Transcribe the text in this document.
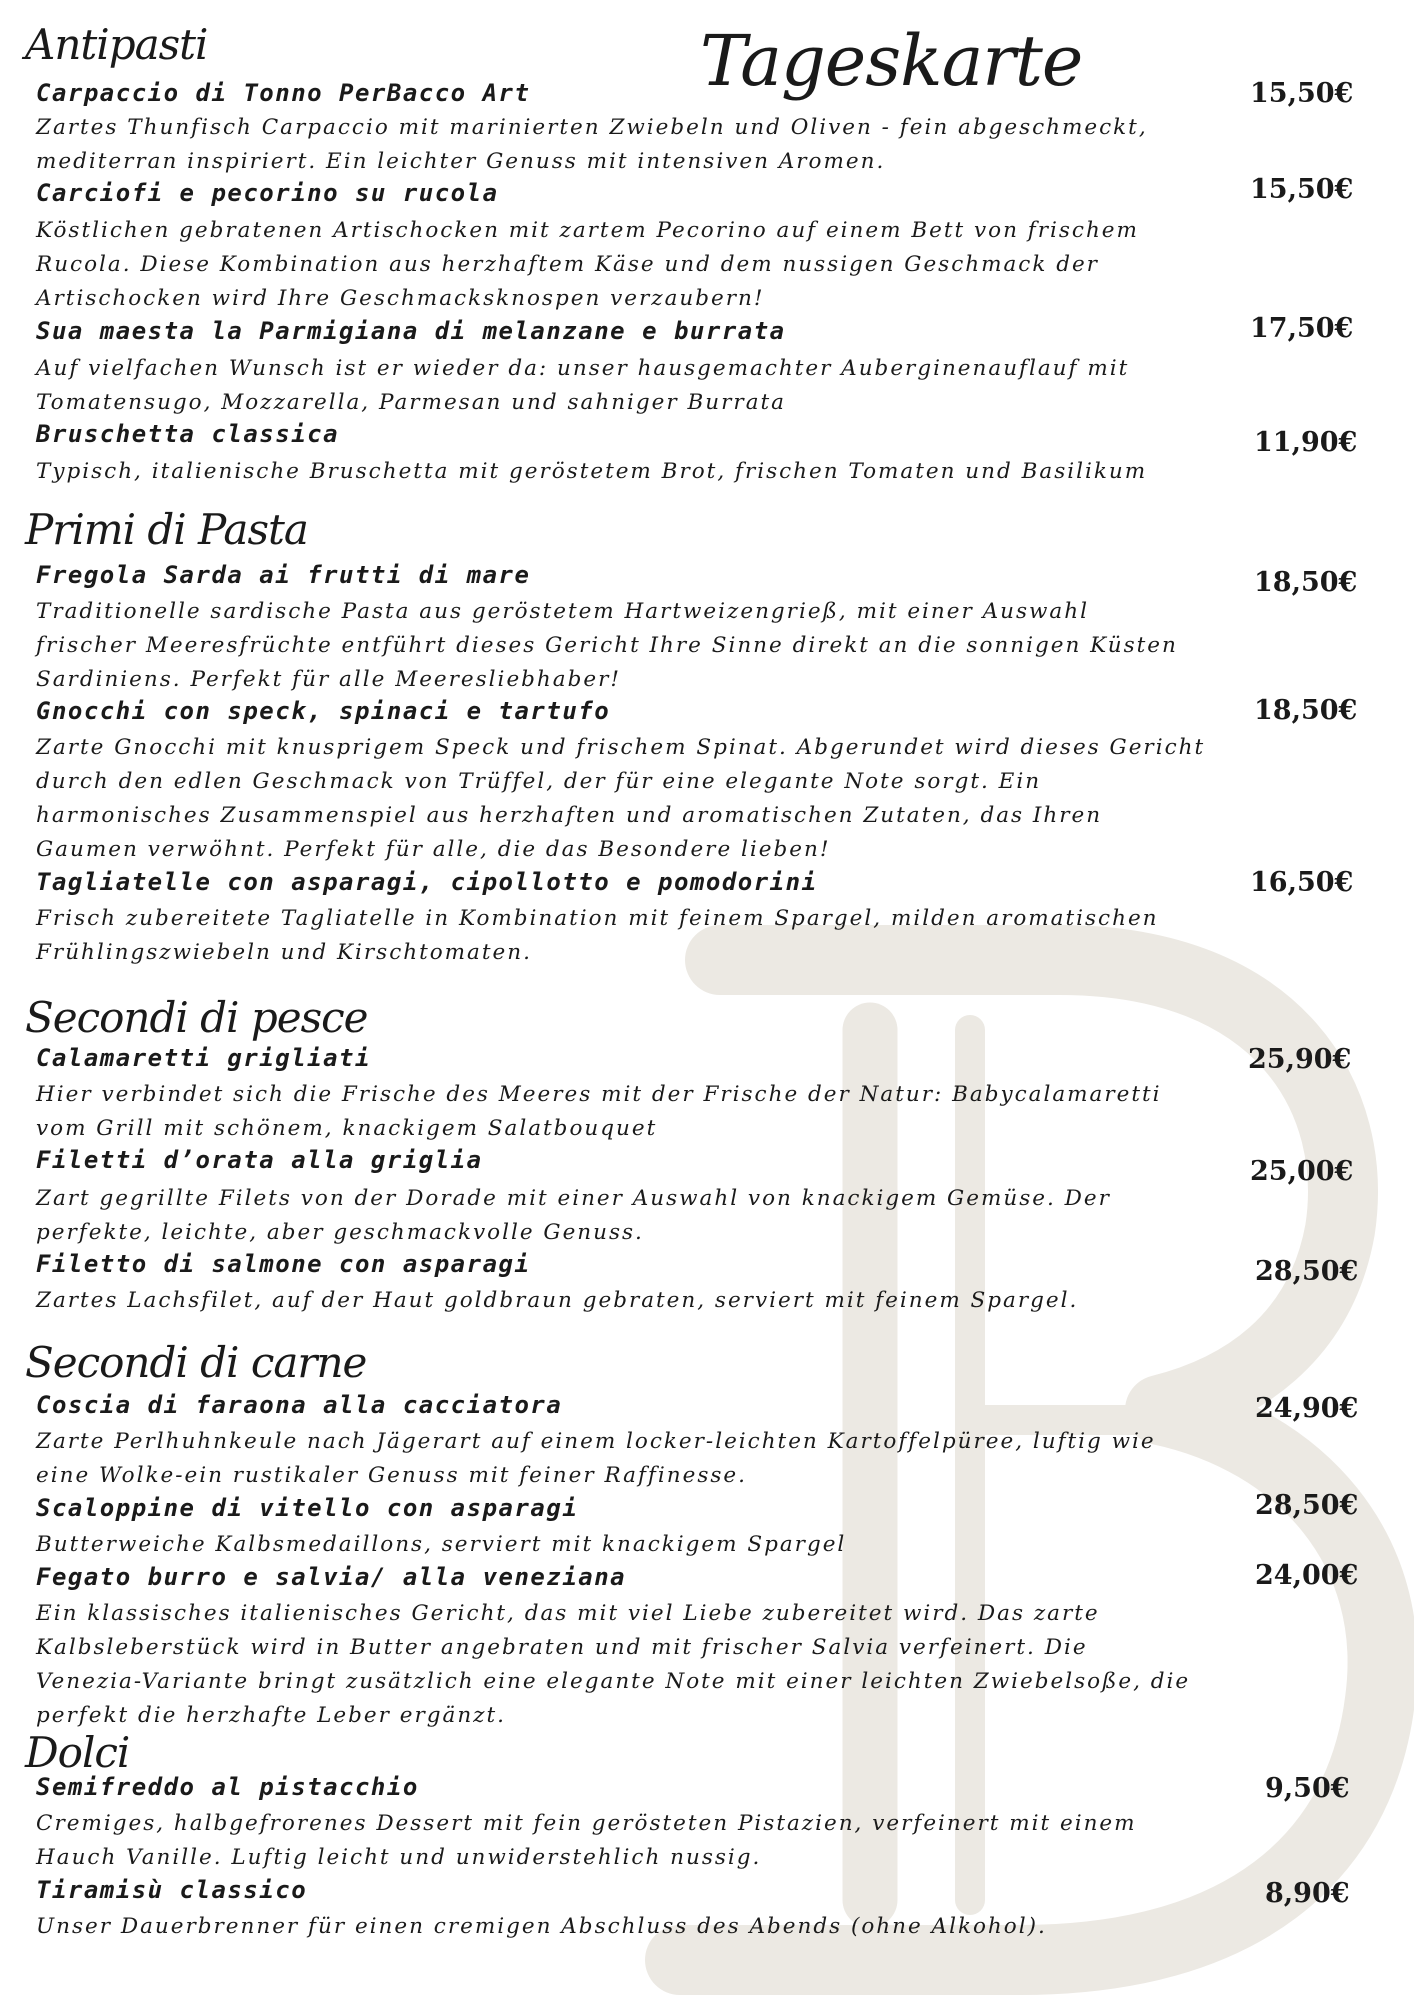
Tageskarte
Antipasti
Carpaccio di Tonno PerBacco Art	15,50€
Zartes Thunfisch Carpaccio mit marinierten Zwiebeln und Oliven - fein abgeschmeckt,
mediterran inspiriert. Ein leichter Genuss mit intensiven Aromen.
Carciofi e pecorino su rucola	15,50€
Köstlichen gebratenen Artischocken mit zartem Pecorino auf einem Bett von frischem
Rucola. Diese Kombination aus herzhaftem Käse und dem nussigen Geschmack der
Artischocken wird Ihre Geschmacksknospen verzaubern!
Sua maesta la Parmigiana di melanzane e burrata	17,50€
Auf vielfachen Wunsch ist er wieder da: unser hausgemachter Auberginenauflauf mit
Tomatensugo, Mozzarella, Parmesan und sahniger Burrata
Bruschetta classica	11,90€
Typisch, italienische Bruschetta mit geröstetem Brot, frischen Tomaten und Basilikum
Primi di Pasta
Fregola Sarda ai frutti di mare	18,50€
Traditionelle sardische Pasta aus geröstetem Hartweizengrieß, mit einer Auswahl
frischer Meeresfrüchte entführt dieses Gericht Ihre Sinne direkt an die sonnigen Küsten
Sardiniens. Perfekt für alle Meeresliebhaber!
Gnocchi con speck, spinaci e tartufo	18,50€
Zarte Gnocchi mit knusprigem Speck und frischem Spinat. Abgerundet wird dieses Gericht
durch den edlen Geschmack von Trüffel, der für eine elegante Note sorgt. Ein
harmonisches Zusammenspiel aus herzhaften und aromatischen Zutaten, das Ihren
Gaumen verwöhnt. Perfekt für alle, die das Besondere lieben!
Tagliatelle con asparagi, cipollotto e pomodorini	16,50€
Frisch zubereitete Tagliatelle in Kombination mit feinem Spargel, milden aromatischen
Frühlingszwiebeln und Kirschtomaten.
Secondi di pesce
Calamaretti grigliati	25,90€
Hier verbindet sich die Frische des Meeres mit der Frische der Natur: Babycalamaretti
vom Grill mit schönem, knackigem Salatbouquet
Filetti d’orata alla griglia	25,00€
Zart gegrillte Filets von der Dorade mit einer Auswahl von knackigem Gemüse. Der
perfekte, leichte, aber geschmackvolle Genuss.
Filetto di salmone con asparagi	28,50€
Zartes Lachsfilet, auf der Haut goldbraun gebraten, serviert mit feinem Spargel.
Secondi di carne
Coscia di faraona alla cacciatora	24,90€
Zarte Perlhuhnkeule nach Jägerart auf einem locker-leichten Kartoffelpüree, luftig wie
eine Wolke-ein rustikaler Genuss mit feiner Raffinesse.
Scaloppine di vitello con asparagi	28,50€
Butterweiche Kalbsmedaillons, serviert mit knackigem Spargel
Fegato burro e salvia/ alla veneziana	24,00€
Ein klassisches italienisches Gericht, das mit viel Liebe zubereitet wird. Das zarte
Kalbsleberstück wird in Butter angebraten und mit frischer Salvia verfeinert. Die
Venezia-Variante bringt zusätzlich eine elegante Note mit einer leichten Zwiebelsoße, die
perfekt die herzhafte Leber ergänzt.
Dolci
Semifreddo al pistacchio	9,50€
Cremiges, halbgefrorenes Dessert mit fein gerösteten Pistazien, verfeinert mit einem
Hauch Vanille. Luftig leicht und unwiderstehlich nussig.
Tiramisù classico	8,90€
Unser Dauerbrenner für einen cremigen Abschluss des Abends (ohne Alkohol).
